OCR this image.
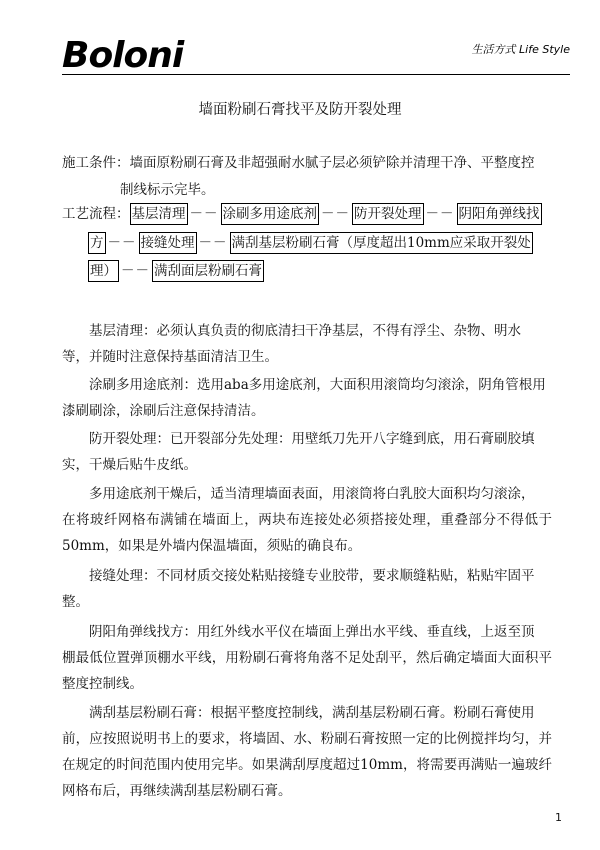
Boloni	生活方式 Life Style
墙面粉刷石膏找平及防开裂处理
施工条件：墙面原粉刷石膏及非超强耐水腻子层必须铲除并清理干净、平整度控
制线标示完毕。
工艺流程： 基层清理 －－ 涂刷多用途底剂 －－ 防开裂处理 －－ 阴阳角弹线找
方 －－ 接缝处理 －－ 满刮基层粉刷石膏（厚度超出10mm应采取开裂处
理） －－ 满刮面层粉刷石膏

基层清理：必须认真负责的彻底清扫干净基层，不得有浮尘、杂物、明水

等，并随时注意保持基面清洁卫生。

涂刷多用途底剂：选用aba多用途底剂，大面积用滚筒均匀滚涂，阴角管根用

漆刷刷涂，涂刷后注意保持清洁。

防开裂处理：已开裂部分先处理：用壁纸刀先开八字缝到底，用石膏刷胶填

实，干燥后贴牛皮纸。

多用途底剂干燥后，适当清理墙面表面，用滚筒将白乳胶大面积均匀滚涂，

在将玻纤网格布满铺在墙面上，两块布连接处必须搭接处理，重叠部分不得低于50mm，如果是外墙内保温墙面，须贴的确良布。

接缝处理：不同材质交接处粘贴接缝专业胶带，要求顺缝粘贴，粘贴牢固平

整。

阴阳角弹线找方：用红外线水平仪在墙面上弹出水平线、垂直线，上返至顶

棚最低位置弹顶棚水平线，用粉刷石膏将角落不足处刮平，然后确定墙面大面积平整度控制线。

满刮基层粉刷石膏：根据平整度控制线，满刮基层粉刷石膏。粉刷石膏使用

前，应按照说明书上的要求，将墙固、水、粉刷石膏按照一定的比例搅拌均匀，并在规定的时间范围内使用完毕。如果满刮厚度超过10mm，将需要再满贴一遍玻纤网格布后，再继续满刮基层粉刷石膏。

1
